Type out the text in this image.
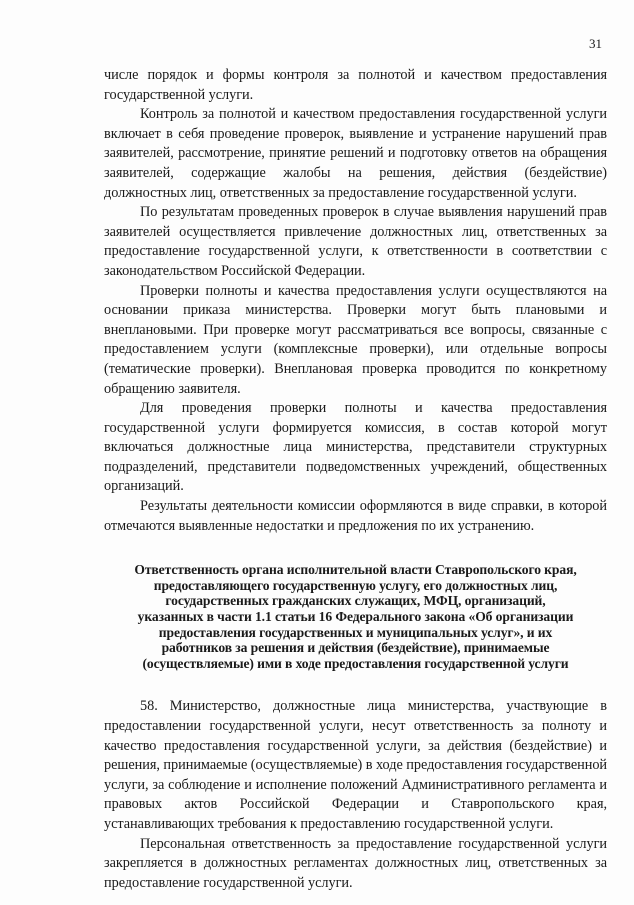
31

числе порядок и формы контроля за полнотой и качеством предоставления государственной услуги.

Контроль за полнотой и качеством предоставления государственной услуги включает в себя проведение проверок, выявление и устранение нарушений прав заявителей, рассмотрение, принятие решений и подготовку ответов на обращения заявителей, содержащие жалобы на решения, действия (бездействие) должностных лиц, ответственных за предоставление государственной услуги.

По результатам проведенных проверок в случае выявления нарушений прав заявителей осуществляется привлечение должностных лиц, ответственных за предоставление государственной услуги, к ответственности в соответствии с законодательством Российской Федерации.

Проверки полноты и качества предоставления услуги осуществляются на основании приказа министерства. Проверки могут быть плановыми и внеплановыми. При проверке могут рассматриваться все вопросы, связанные с предоставлением услуги (комплексные проверки), или отдельные вопросы (тематические проверки). Внеплановая проверка проводится по конкретному обращению заявителя.

Для проведения проверки полноты и качества предоставления государственной услуги формируется комиссия, в состав которой могут включаться должностные лица министерства, представители структурных подразделений, представители подведомственных учреждений, общественных организаций.

Результаты деятельности комиссии оформляются в виде справки, в которой отмечаются выявленные недостатки и предложения по их устранению.

Ответственность органа исполнительной власти Ставропольского края, предоставляющего государственную услугу, его должностных лиц, государственных гражданских служащих, МФЦ, организаций, указанных в части 1.1 статьи 16 Федерального закона «Об организации предоставления государственных и муниципальных услуг», и их работников за решения и действия (бездействие), принимаемые (осуществляемые) ими в ходе предоставления государственной услуги

58. Министерство, должностные лица министерства, участвующие в предоставлении государственной услуги, несут ответственность за полноту и качество предоставления государственной услуги, за действия (бездействие) и решения, принимаемые (осуществляемые) в ходе предоставления государственной услуги, за соблюдение и исполнение положений Административного регламента и правовых актов Российской Федерации и Ставропольского края, устанавливающих требования к предоставлению государственной услуги.

Персональная ответственность за предоставление государственной услуги закрепляется в должностных регламентах должностных лиц, ответственных за предоставление государственной услуги.
